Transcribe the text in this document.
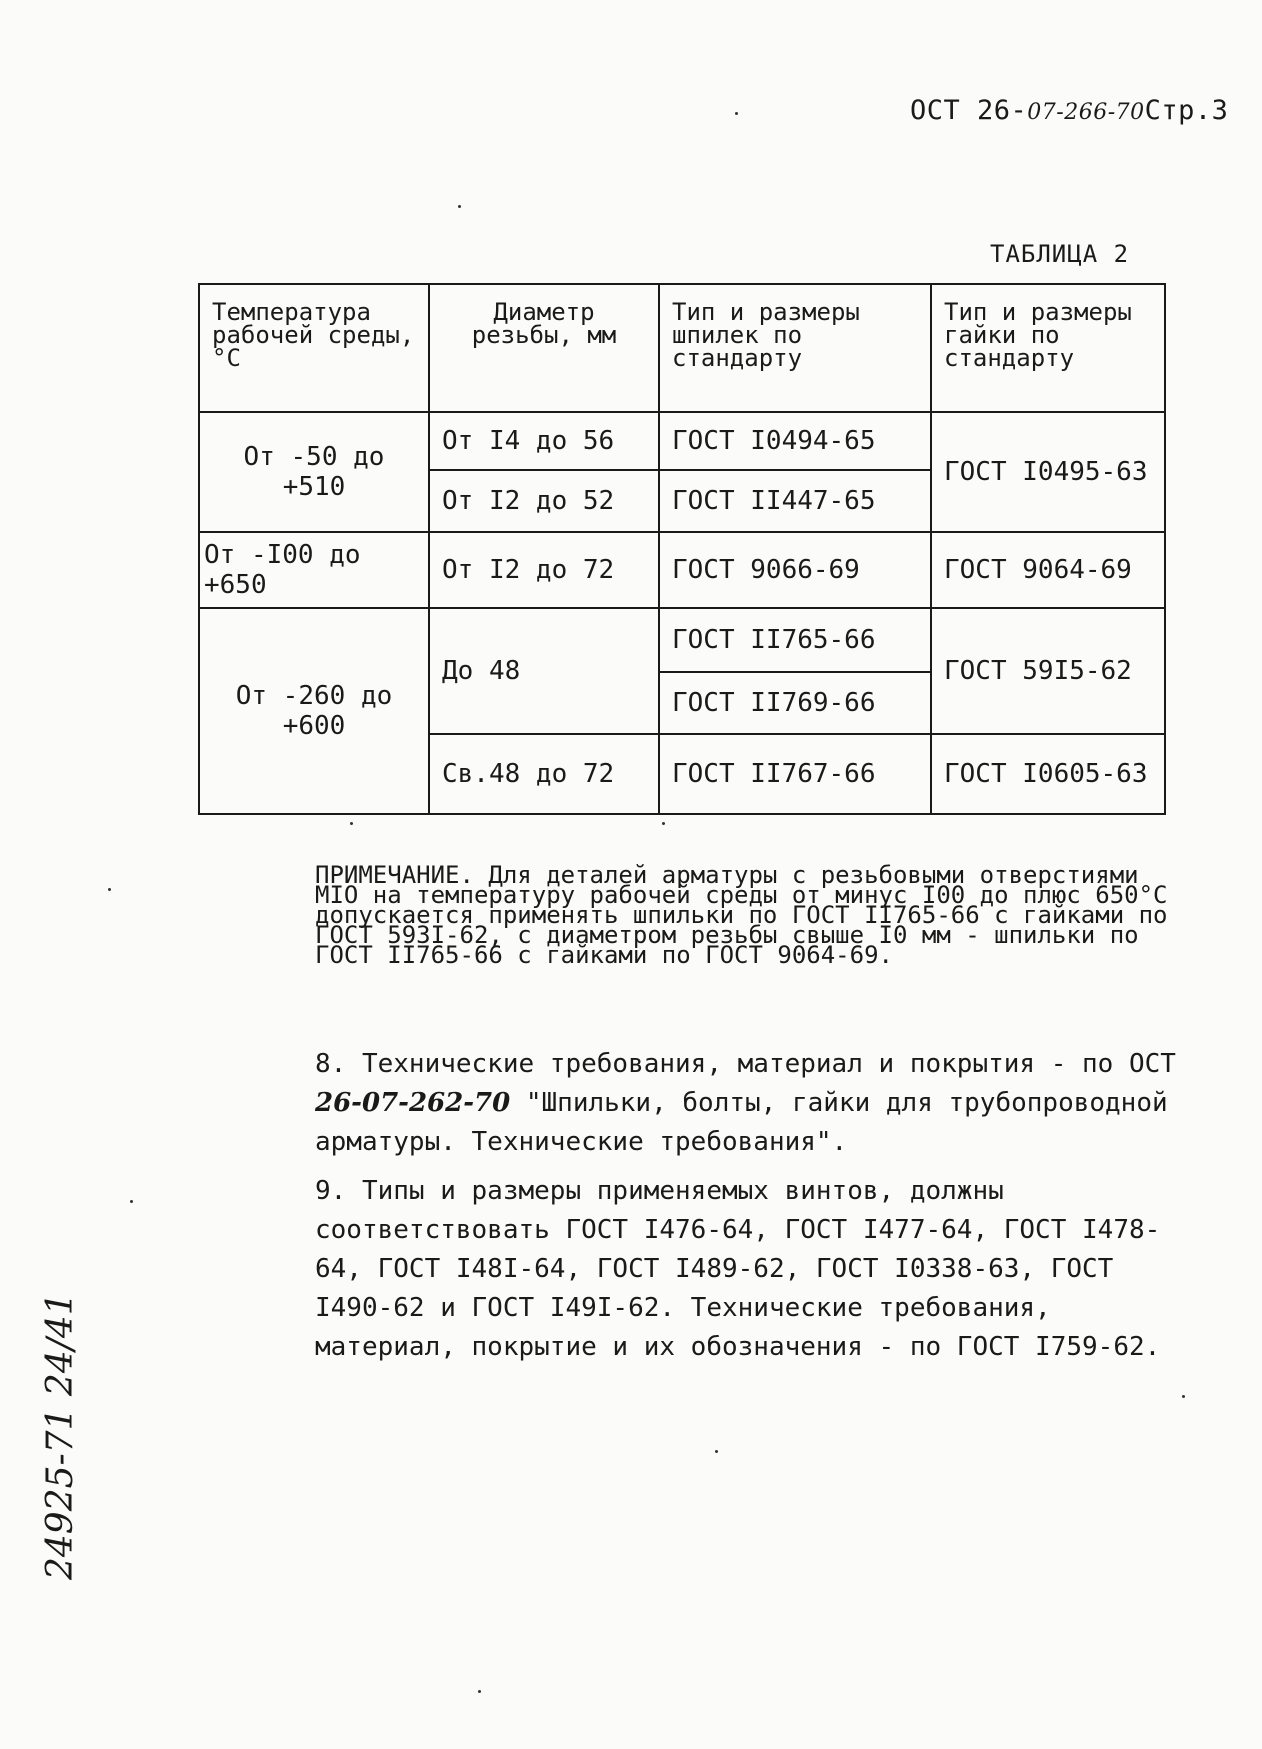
ОСТ 26-07-266-70Стр.3
ТАБЛИЦА 2
Температура рабочей среды, °С	Диаметр резьбы, мм	Тип и размеры шпилек по стандарту	Тип и размеры гайки по стандарту
От -50 до +510	От I4 до 56	ГОСТ I0494-65	ГОСТ I0495-63
	От I2 до 52	ГОСТ II447-65	
От -I00 до +650	От I2 до 72	ГОСТ 9066-69	ГОСТ 9064-69
От -260 до +600	До 48	ГОСТ II765-66	ГОСТ 59I5-62
		ГОСТ II769-66	
	Св.48 до 72	ГОСТ II767-66	ГОСТ I0605-63
ПРИМЕЧАНИЕ. Для деталей арматуры с резьбовыми отверстиями МIO на температуру рабочей среды от минус I00 до плюс 650°С допускается применять шпильки по ГОСТ II765-66 с гайками по ГОСТ 593I-62, с диаметром резьбы свыше I0 мм - шпильки по ГОСТ II765-66 с гайками по ГОСТ 9064-69.
8. Технические требования, материал и покрытия - по ОСТ 26-07-262-70 "Шпильки, болты, гайки для трубопроводной арматуры. Технические требования".
9. Типы и размеры применяемых винтов, должны соответствовать ГОСТ I476-64, ГОСТ I477-64, ГОСТ I478-64, ГОСТ I48I-64, ГОСТ I489-62, ГОСТ I0338-63, ГОСТ I490-62 и ГОСТ I49I-62. Технические требования, материал, покрытие и их обозначения - по ГОСТ I759-62.
24925-71 24/41
